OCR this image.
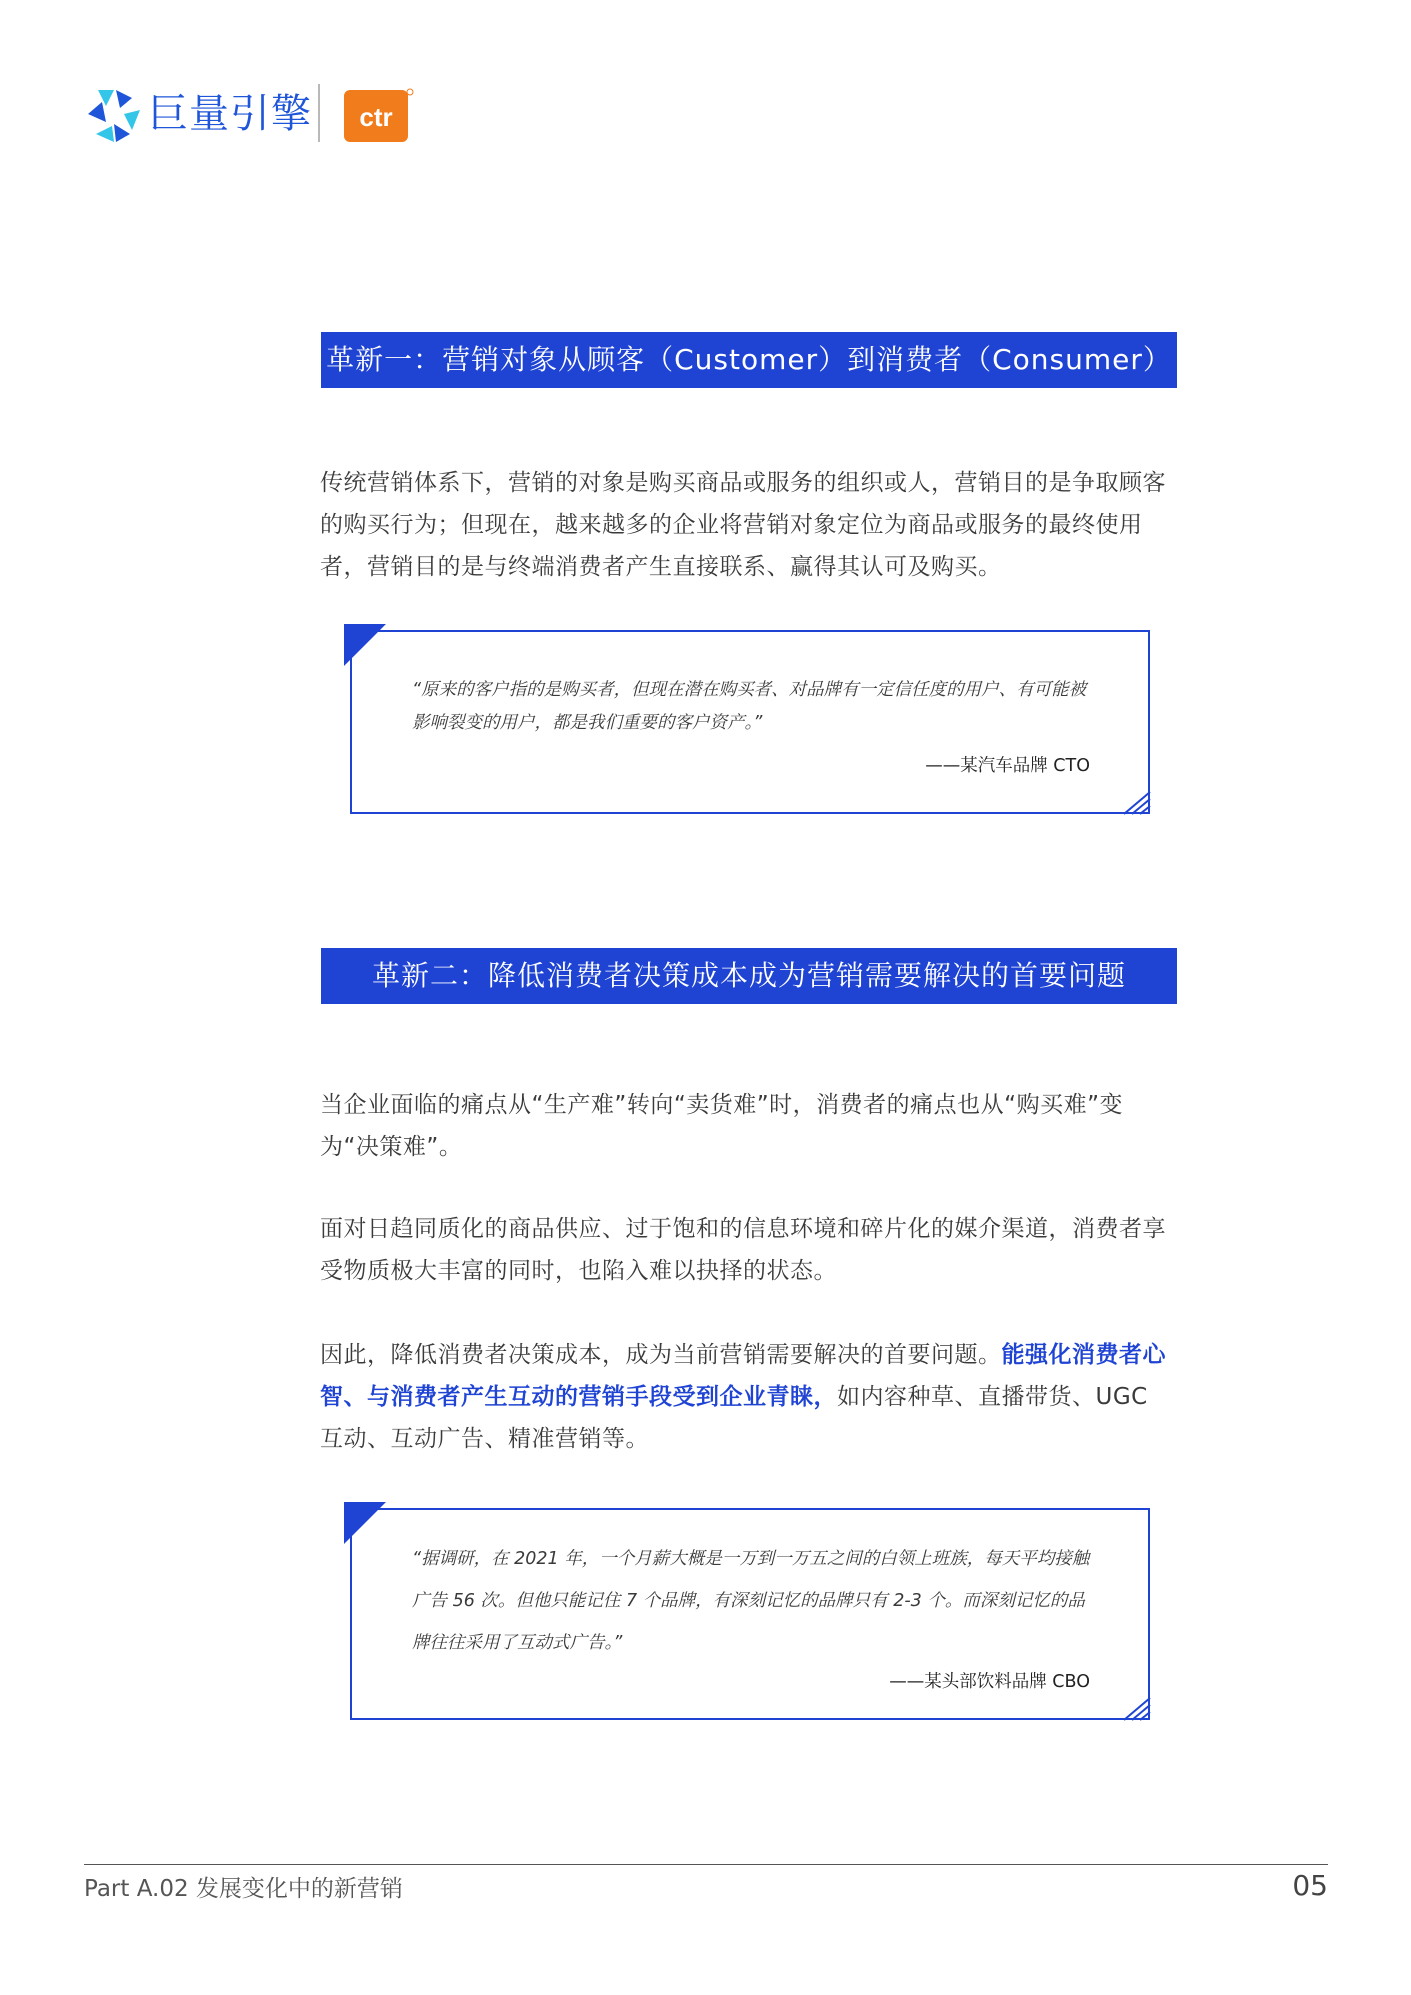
巨量引擎 ctr
革新一：营销对象从顾客（Customer）到消费者（Consumer）
传统营销体系下，营销的对象是购买商品或服务的组织或人，营销目的是争取顾客的购买行为；但现在，越来越多的企业将营销对象定位为商品或服务的最终使用者，营销目的是与终端消费者产生直接联系、赢得其认可及购买。
“原来的客户指的是购买者，但现在潜在购买者、对品牌有一定信任度的用户、有可能被影响裂变的用户，都是我们重要的客户资产。”
——某汽车品牌 CTO
革新二：降低消费者决策成本成为营销需要解决的首要问题
当企业面临的痛点从“生产难”转向“卖货难”时，消费者的痛点也从“购买难”变为“决策难”。
面对日趋同质化的商品供应、过于饱和的信息环境和碎片化的媒介渠道，消费者享受物质极大丰富的同时，也陷入难以抉择的状态。
因此，降低消费者决策成本，成为当前营销需要解决的首要问题。能强化消费者心智、与消费者产生互动的营销手段受到企业青睐，如内容种草、直播带货、UGC 互动、互动广告、精准营销等。
“据调研，在 2021 年，一个月薪大概是一万到一万五之间的白领上班族，每天平均接触广告 56 次。但他只能记住 7 个品牌，有深刻记忆的品牌只有 2-3 个。而深刻记忆的品牌往往采用了互动式广告。”
——某头部饮料品牌 CBO
Part A.02 发展变化中的新营销	05
